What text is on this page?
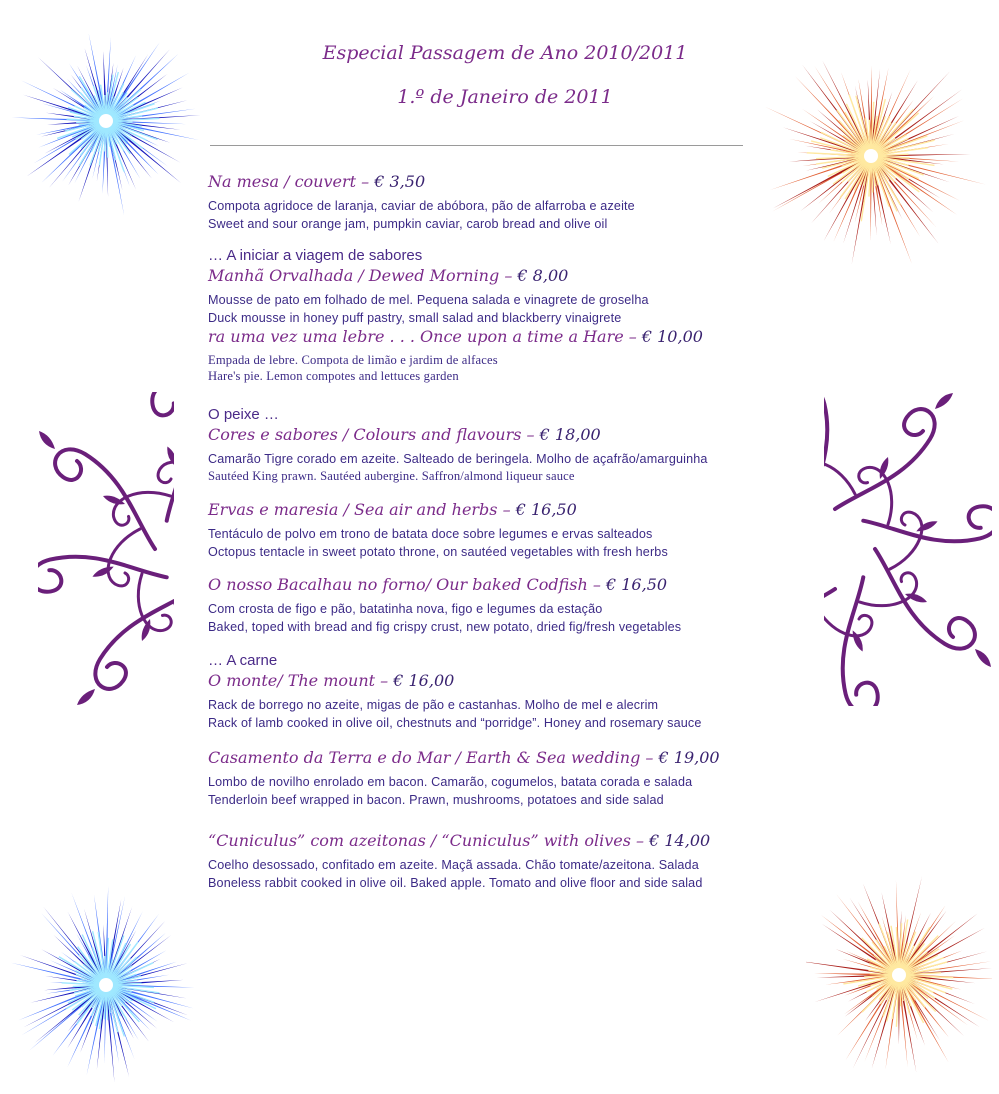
Especial Passagem de Ano 2010/2011
1.º de Janeiro de 2011
Na mesa / couvert – € 3,50
Compota agridoce de laranja, caviar de abóbora, pão de alfarroba e azeite
Sweet and sour orange jam, pumpkin caviar, carob bread and olive oil
… A iniciar a viagem de sabores
Manhã Orvalhada / Dewed Morning – € 8,00
Mousse de pato em folhado de mel. Pequena salada e vinagrete de groselha
Duck mousse in honey puff pastry, small salad and blackberry vinaigrete
ra uma vez uma lebre . . . Once upon a time a Hare – € 10,00
Empada de lebre. Compota de limão e jardim de alfaces
Hare's pie. Lemon compotes and lettuces garden
O peixe …
Cores e sabores / Colours and flavours – € 18,00
Camarão Tigre corado em azeite. Salteado de beringela. Molho de açafrão/amarguinha
Sautéed King prawn. Sautéed aubergine. Saffron/almond liqueur sauce
Ervas e maresia / Sea air and herbs – € 16,50
Tentáculo de polvo em trono de batata doce sobre legumes e ervas salteados
Octopus tentacle in sweet potato throne, on sautéed vegetables with fresh herbs
O nosso Bacalhau no forno/ Our baked Codfish – € 16,50
Com crosta de figo e pão, batatinha nova, figo e legumes da estação
Baked, toped with bread and fig crispy crust, new potato, dried fig/fresh vegetables
… A carne
O monte/ The mount – € 16,00
Rack de borrego no azeite, migas de pão e castanhas. Molho de mel e alecrim
Rack of lamb cooked in olive oil, chestnuts and “porridge”. Honey and rosemary sauce
Casamento da Terra e do Mar / Earth & Sea wedding – € 19,00
Lombo de novilho enrolado em bacon. Camarão, cogumelos, batata corada e salada
Tenderloin beef wrapped in bacon. Prawn, mushrooms, potatoes and side salad
“Cuniculus” com azeitonas / “Cuniculus” with olives – € 14,00
Coelho desossado, confitado em azeite. Maçã assada. Chão tomate/azeitona. Salada
Boneless rabbit cooked in olive oil. Baked apple. Tomato and olive floor and side salad
